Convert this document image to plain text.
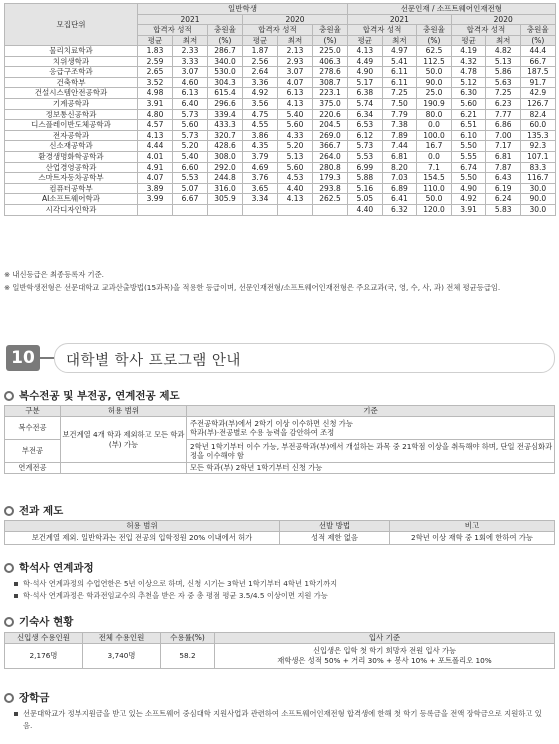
모집단위	일반학생						선문인재 / 소프트웨어인재전형					
	2021			2020			2021			2020		
	합격자 성적		충원율	합격자 성적		충원율	합격자 성적		충원율	합격자 성적		충원율
	평균	최저	(%)	평균	최저	(%)	평균	최저	(%)	평균	최저	(%)
물리치료학과	1.83	2.33	286.7	1.87	2.13	225.0	4.13	4.97	62.5	4.19	4.82	44.4
치위생학과	2.59	3.33	340.0	2.56	2.93	406.3	4.49	5.41	112.5	4.32	5.13	66.7
응급구조학과	2.65	3.07	530.0	2.64	3.07	278.6	4.90	6.11	50.0	4.78	5.86	187.5
건축학부	3.52	4.60	304.3	3.36	4.07	308.7	5.17	6.11	90.0	5.12	5.63	91.7
건설시스템안전공학과	4.98	6.13	615.4	4.92	6.13	223.1	6.38	7.25	25.0	6.30	7.25	42.9
기계공학과	3.91	6.40	296.6	3.56	4.13	375.0	5.74	7.50	190.9	5.60	6.23	126.7
정보통신공학과	4.80	5.73	339.4	4.75	5.40	220.6	6.34	7.79	80.0	6.21	7.77	82.4
디스플레이반도체공학과	4.57	5.60	433.3	4.55	5.60	204.5	6.53	7.38	0.0	6.51	6.86	60.0
전자공학과	4.13	5.73	320.7	3.86	4.33	269.0	6.12	7.89	100.0	6.10	7.00	135.3
신소재공학과	4.44	5.20	428.6	4.35	5.20	366.7	5.73	7.44	16.7	5.50	7.17	92.3
환경생명화학공학과	4.01	5.40	308.0	3.79	5.13	264.0	5.53	6.81	0.0	5.55	6.81	107.1
산업경영공학과	4.91	6.60	292.0	4.69	5.60	280.8	6.99	8.20	7.1	6.74	7.87	83.3
스마트자동차공학부	4.07	5.53	244.8	3.76	4.53	179.3	5.88	7.03	154.5	5.50	6.43	116.7
컴퓨터공학부	3.89	5.07	316.0	3.65	4.40	293.8	5.16	6.89	110.0	4.90	6.19	30.0
AI소프트웨어학과	3.99	6.67	305.9	3.34	4.13	262.5	5.05	6.41	50.0	4.92	6.24	90.0
시각디자인학과							4.40	6.32	120.0	3.91	5.83	30.0

※ 내신등급은 최종등록자 기준.

※ 일반학생전형은 선문대학교 교과산출방법(15과목)을 적용한 등급이며, 선문인재전형/소프트웨어인재전형은 주요교과(국, 영, 수, 사, 과) 전체 평균등급임.

10	대학별 학사 프로그램 안내
복수전공 및 부전공, 연계전공 제도
구분	허용 범위	기준
복수전공	보건계열 4개 학과 제외하고 모든 학과(부) 가능	주전공학과(부)에서 2학기 이상 이수하면 신청 가능
학과(부)·전공별로 수용 능력을 감안하여 조정
부전공		2학년 1학기부터 이수 가능, 부전공학과(부)에서 개설하는 과목 중 21학점 이상을 취득해야 하며, 단일 전공심화과정을 이수해야 함
연계전공		모든 학과(부) 2학년 1학기부터 신청 가능
전과 제도
허용 범위	선발 방법	비고
보건계열 제외. 일반학과는 전입 전공의 입학정원 20% 이내에서 허가	성적 제한 없음	2학년 이상 재학 중 1회에 한하여 가능
학석사 연계과정

학·석사 연계과정의 수업연한은 5년 이상으로 하며, 신청 시기는 3학년 1학기부터 4학년 1학기까지

학·석사 연계과정은 학과전임교수의 추천을 받은 자 중 총 평점 평균 3.5/4.5 이상이면 지원 가능

기숙사 현황
신입생 수용인원	전체 수용인원	수용률(%)	입사 기준
2,176명	3,740명	58.2	신입생은 입학 첫 학기 희망자 전원 입사 가능
재학생은 성적 50% + 거리 30% + 봉사 10% + 포트폴리오 10%
장학금

선문대학교가 정부지원금을 받고 있는 소프트웨어 중심대학 지원사업과 관련하여 소프트웨어인재전형 합격생에 한해 첫 학기 등록금을 전액 장학금으로 지원하고 있음.
